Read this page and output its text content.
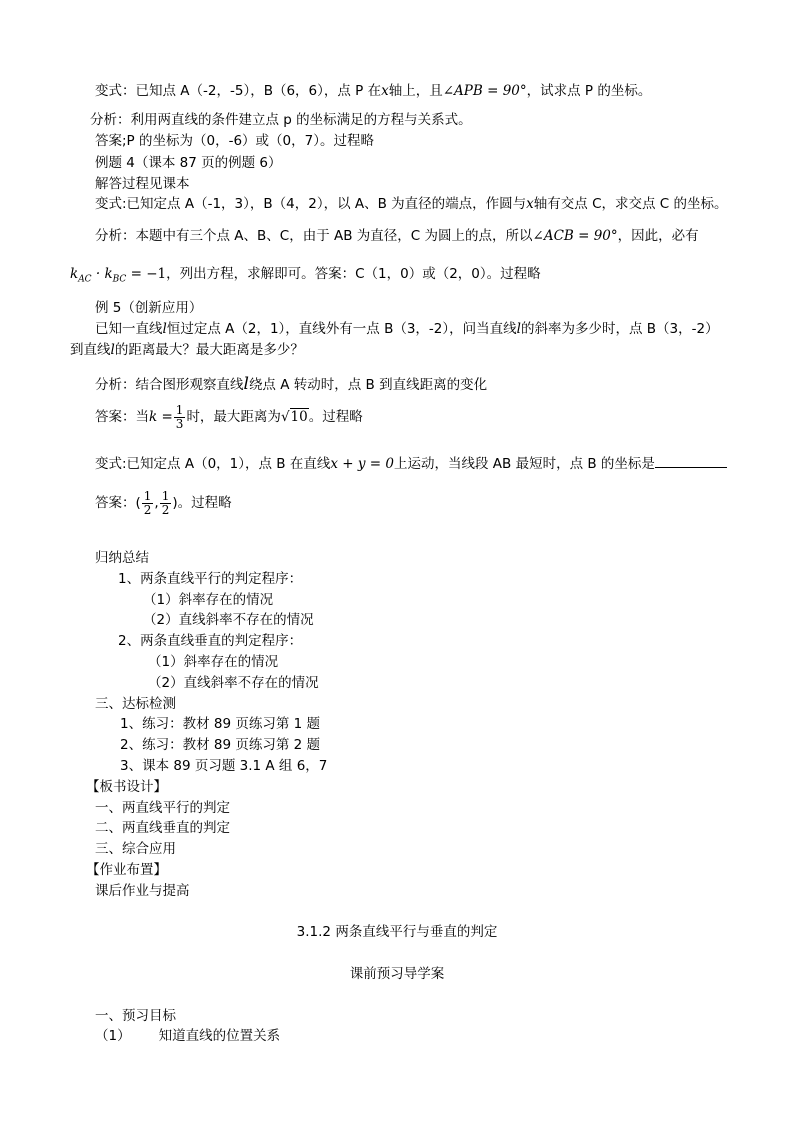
变式：已知点 A（-2，-5），B（6，6），点 P 在x轴上，且∠APB = 90°，试求点 P 的坐标。
分析：利用两直线的条件建立点 p 的坐标满足的方程与关系式。
答案;P 的坐标为（0，-6）或（0，7）。过程略
例题 4（课本 87 页的例题 6）
解答过程见课本
变式:已知定点 A（-1，3），B（4，2），以 A、B 为直径的端点，作圆与x轴有交点 C，求交点 C 的坐标。
分析：本题中有三个点 A、B、C，由于 AB 为直径，C 为圆上的点，所以∠ACB = 90°，因此，必有
$k_{AC} \cdot k_{BC} = -1$，列出方程，求解即可。答案：C（1，0）或（2，0）。过程略
例 5（创新应用）
已知一直线l恒过定点 A（2，1），直线外有一点 B（3，-2），问当直线l的斜率为多少时，点 B（3，-2）
到直线l的距离最大？最大距离是多少？
分析：结合图形观察直线l绕点 A 转动时，点 B 到直线距离的变化
答案：当$k = \frac{1}{3}$ 时，最大距离为√10。过程略
变式:已知定点 A（0，1），点 B 在直线x + y = 0上运动，当线段 AB 最短时，点 B 的坐标是
答案：( $\frac{1}{2}$ , $\frac{1}{2}$ )。过程略
归纳总结
1、两条直线平行的判定程序：
（1）斜率存在的情况
（2）直线斜率不存在的情况
2、两条直线垂直的判定程序：
（1）斜率存在的情况
（2）直线斜率不存在的情况
三、达标检测
1、练习：教材 89 页练习第 1 题
2、练习：教材 89 页练习第 2 题
3、课本 89 页习题 3.1 A 组 6，7
【板书设计】
一、两直线平行的判定
二、两直线垂直的判定
三、综合应用
【作业布置】
课后作业与提高
3.1.2 两条直线平行与垂直的判定
课前预习导学案
一、预习目标
（1） 知道直线的位置关系
